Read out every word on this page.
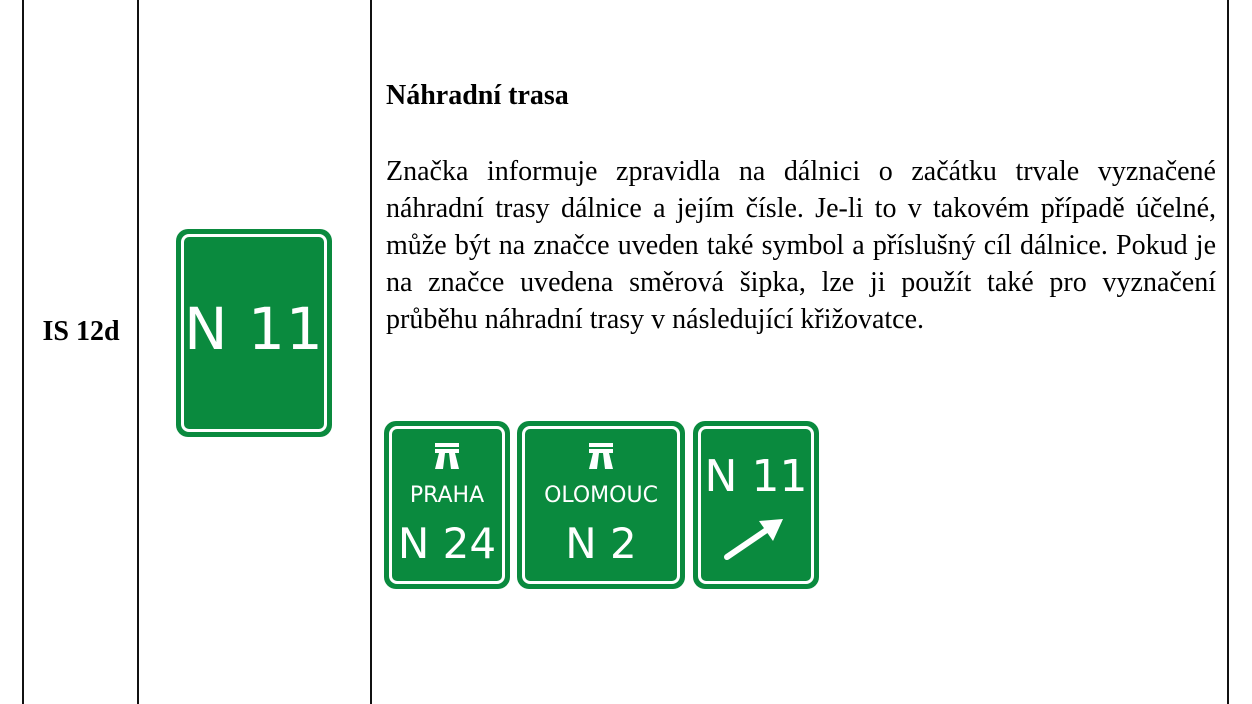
IS 12d	N 11
Náhradní trasa

Značka informuje zpravidla na dálnici o začátku trvale vyznačené náhradní trasy dálnice a jejím čísle. Je-li to v takovém případě účelné, může být na značce uveden také symbol a příslušný cíl dálnice. Pokud je na značce uvedena směrová šipka, lze ji použít také pro vyznačení průběhu náhradní trasy v následující křižovatce.

PRAHA
N 24
OLOMOUC
N 2
N 11
